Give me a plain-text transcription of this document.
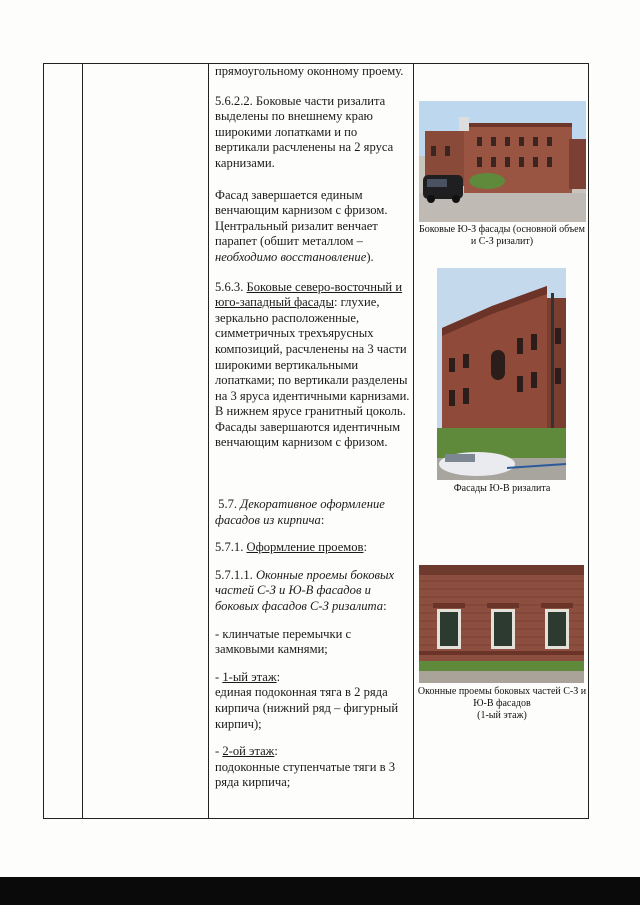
прямоугольному оконному проему.

5.6.2.2. Боковые части ризалита выделены по внешнему краю широкими лопатками и по вертикали расчленены на 2 яруса карнизами.

Фасад завершается единым венчающим карнизом с фризом. Центральный ризалит венчает парапет (обшит металлом – необходимо восстановление).

5.6.3. Боковые северо-восточный и юго-западный фасады: глухие, зеркально расположенные, симметричных трехъярусных композиций, расчленены на 3 части широкими вертикальными лопатками; по вертикали разделены на 3 яруса идентичными карнизами.
В нижнем ярусе гранитный цоколь. Фасады завершаются идентичным венчающим карнизом с фризом.

5.7. Декоративное оформление фасадов из кирпича:

5.7.1. Оформление проемов:

5.7.1.1. Оконные проемы боковых частей С-З и Ю-В фасадов и боковых фасадов С-З ризалита:

- клинчатые перемычки с замковыми камнями;

- 1-ый этаж:
единая подоконная тяга в 2 ряда кирпича (нижний ряд – фигурный кирпич);

- 2-ой этаж:
подоконные ступенчатые тяги в 3 ряда кирпича;

Боковые Ю-З фасады (основной объем и С-З ризалит)
Фасады Ю-В ризалита
Оконные проемы боковых частей С-З и Ю-В фасадов
(1-ый этаж)
